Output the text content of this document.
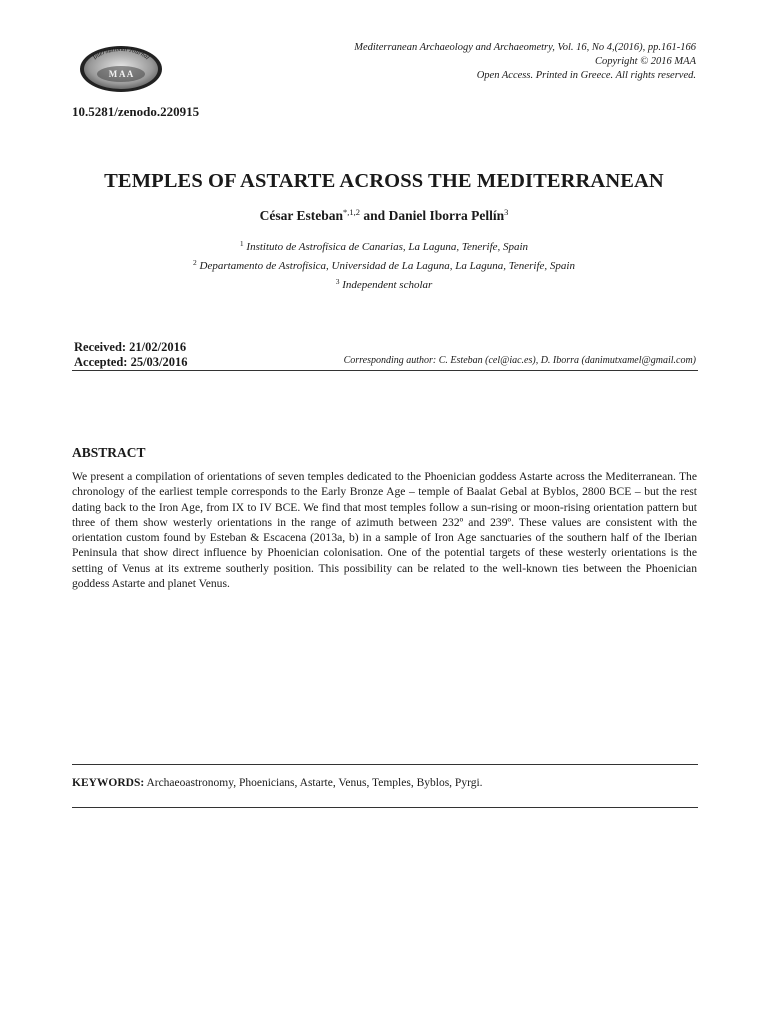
International Journal
M A A
Mediterranean Archaeology and Archaeometry, Vol. 16, No 4,(2016), pp.161-166
Copyright © 2016 MAA
Open Access. Printed in Greece. All rights reserved.
10.5281/zenodo.220915
TEMPLES OF ASTARTE ACROSS THE MEDITERRANEAN
César Esteban$^{*,1,2}$ and Daniel Iborra Pellín$^3$
$^1$ Instituto de Astrofísica de Canarias, La Laguna, Tenerife, Spain
$^2$ Departamento de Astrofísica, Universidad de La Laguna, La Laguna, Tenerife, Spain
$^3$ Independent scholar
Received: 21/02/2016
Accepted: 25/03/2016	Corresponding author: C. Esteban (cel@iac.es), D. Iborra (danimutxamel@gmail.com)
ABSTRACT
We present a compilation of orientations of seven temples dedicated to the Phoenician goddess Astarte across the Mediterranean. The chronology of the earliest temple corresponds to the Early Bronze Age – temple of Baalat Gebal at Byblos, 2800 BCE – but the rest dating back to the Iron Age, from IX to IV BCE. We find that most temples follow a sun-rising or moon-rising orientation pattern but three of them show westerly orientations in the range of azimuth between 232º and 239º. These values are consistent with the orientation custom found by Esteban & Escacena (2013a, b) in a sample of Iron Age sanctuaries of the southern half of the Iberian Peninsula that show direct influence by Phoenician colonisation. One of the potential targets of these westerly orientations is the setting of Venus at its extreme southerly position. This possibility can be related to the well-known ties between the Phoenician goddess Astarte and planet Venus.
KEYWORDS: Archaeoastronomy, Phoenicians, Astarte, Venus, Temples, Byblos, Pyrgi.
